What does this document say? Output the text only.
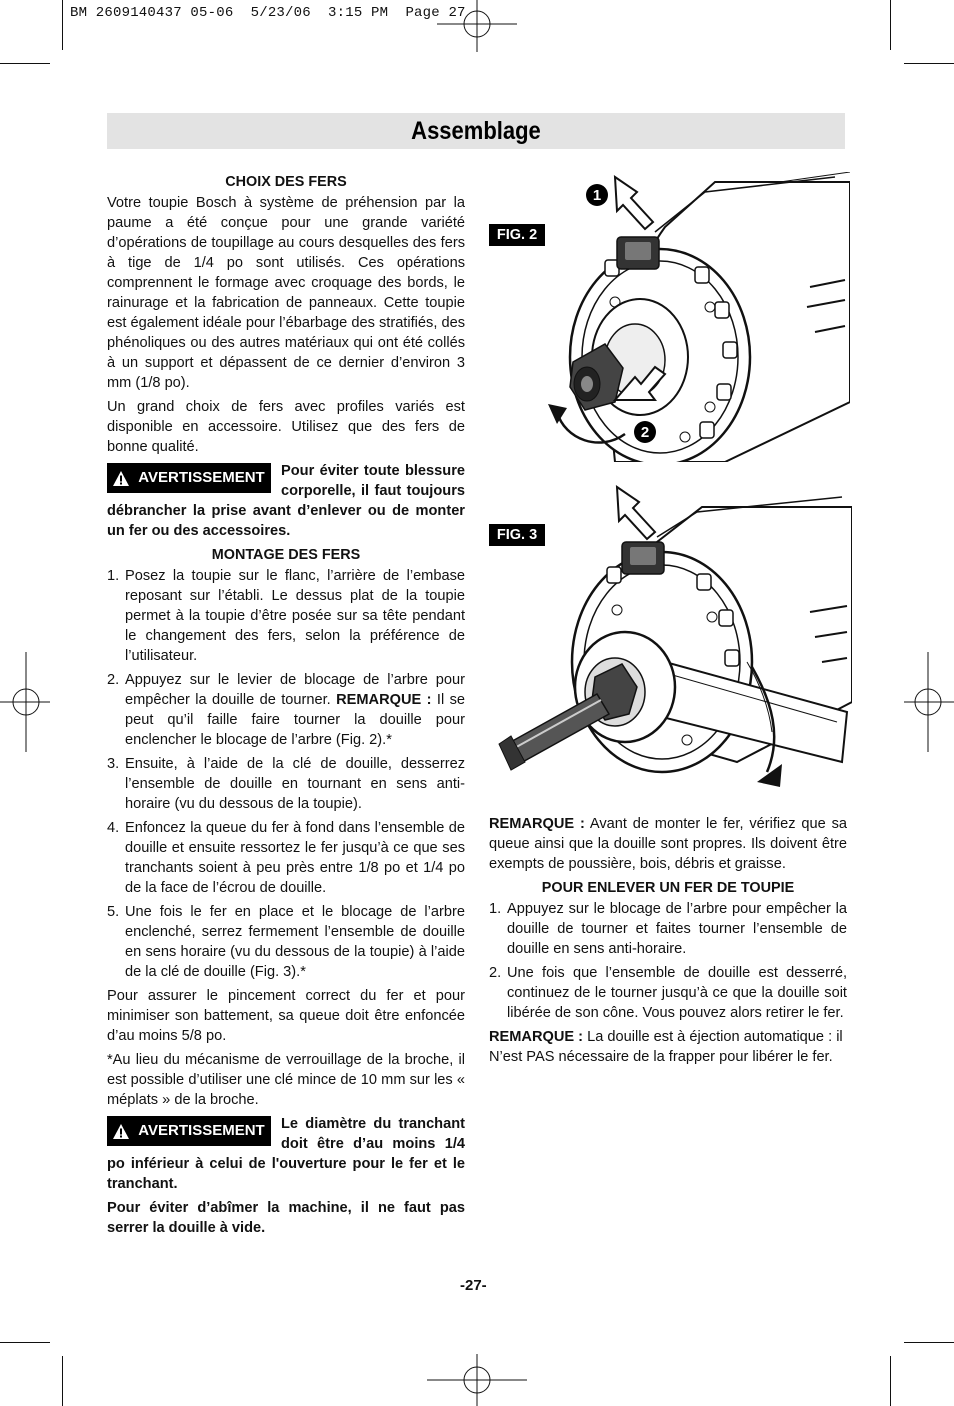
BM 2609140437 05-06  5/23/06  3:15 PM  Page 27
Assemblage
CHOIX DES FERS

Votre toupie Bosch à système de préhension par la paume a été conçue pour une grande variété d’opérations de toupillage au cours desquelles des fers à tige de 1/4 po sont utilisés. Ces opérations comprennent le formage avec croquage des bords, le rainurage et la fabrication de panneaux. Cette toupie est également idéale pour l’ébarbage des stratifiés, des phénoliques ou des autres matériaux qui ont été collés à un support et dépassent de ce dernier d’environ 3 mm (1/8 po).

Un grand choix de fers avec profiles variés est disponible en accessoire. Utilisez que des fers de bonne qualité.

AVERTISSEMENT Pour éviter toute blessure corporelle, il faut toujours débrancher la prise avant d’enlever ou de monter un fer ou des accessoires.
MONTAGE DES FERS
1. Posez la toupie sur le flanc, l’arrière de l’embase reposant sur l’établi. Le dessus plat de la toupie permet à la toupie d’être posée sur sa tête pendant le changement des fers, selon la préférence de l’utilisateur.
2. Appuyez sur le levier de blocage de l’arbre pour empêcher la douille de tourner. REMARQUE : Il se peut qu’il faille faire tourner la douille pour enclencher le blocage de l’arbre (Fig. 2).*
3. Ensuite, à l’aide de la clé de douille, desserrez l’ensemble de douille en tournant en sens anti-horaire (vu du dessous de la toupie).
4. Enfoncez la queue du fer à fond dans l’ensemble de douille et ensuite ressortez le fer jusqu’à ce que ses tranchants soient à peu près entre 1/8 po et 1/4 po de la face de l’écrou de douille.
5. Une fois le fer en place et le blocage de l’arbre enclenché, serrez fermement l’ensemble de douille en sens horaire (vu du dessous de la toupie) à l’aide de la clé de douille (Fig. 3).*

Pour assurer le pincement correct du fer et pour minimiser son battement, sa queue doit être enfoncée d’au moins 5/8 po.

*Au lieu du mécanisme de verrouillage de la broche, il est possible d’utiliser une clé mince de 10 mm sur les « méplats » de la broche.

AVERTISSEMENT Le diamètre du tranchant doit être d’au moins 1/4 po inférieur à celui de l'ouverture pour le fer et le tranchant.

Pour éviter d’abîmer la machine, il ne faut pas serrer la douille à vide.

FIG. 2
FIG. 3
1
2

REMARQUE : Avant de monter le fer, vérifiez que sa queue ainsi que la douille sont propres. Ils doivent être exempts de poussière, bois, débris et graisse.

POUR ENLEVER UN FER DE TOUPIE
1. Appuyez sur le blocage de l’arbre pour empêcher la douille de tourner et faites tourner l’ensemble de douille en sens anti-horaire.
2. Une fois que l’ensemble de douille est desserré, continuez de le tourner jusqu’à ce que la douille soit libérée de son cône. Vous pouvez alors retirer le fer.

REMARQUE : La douille est à éjection automatique : il N’est PAS nécessaire de la frapper pour libérer le fer.

-27-
